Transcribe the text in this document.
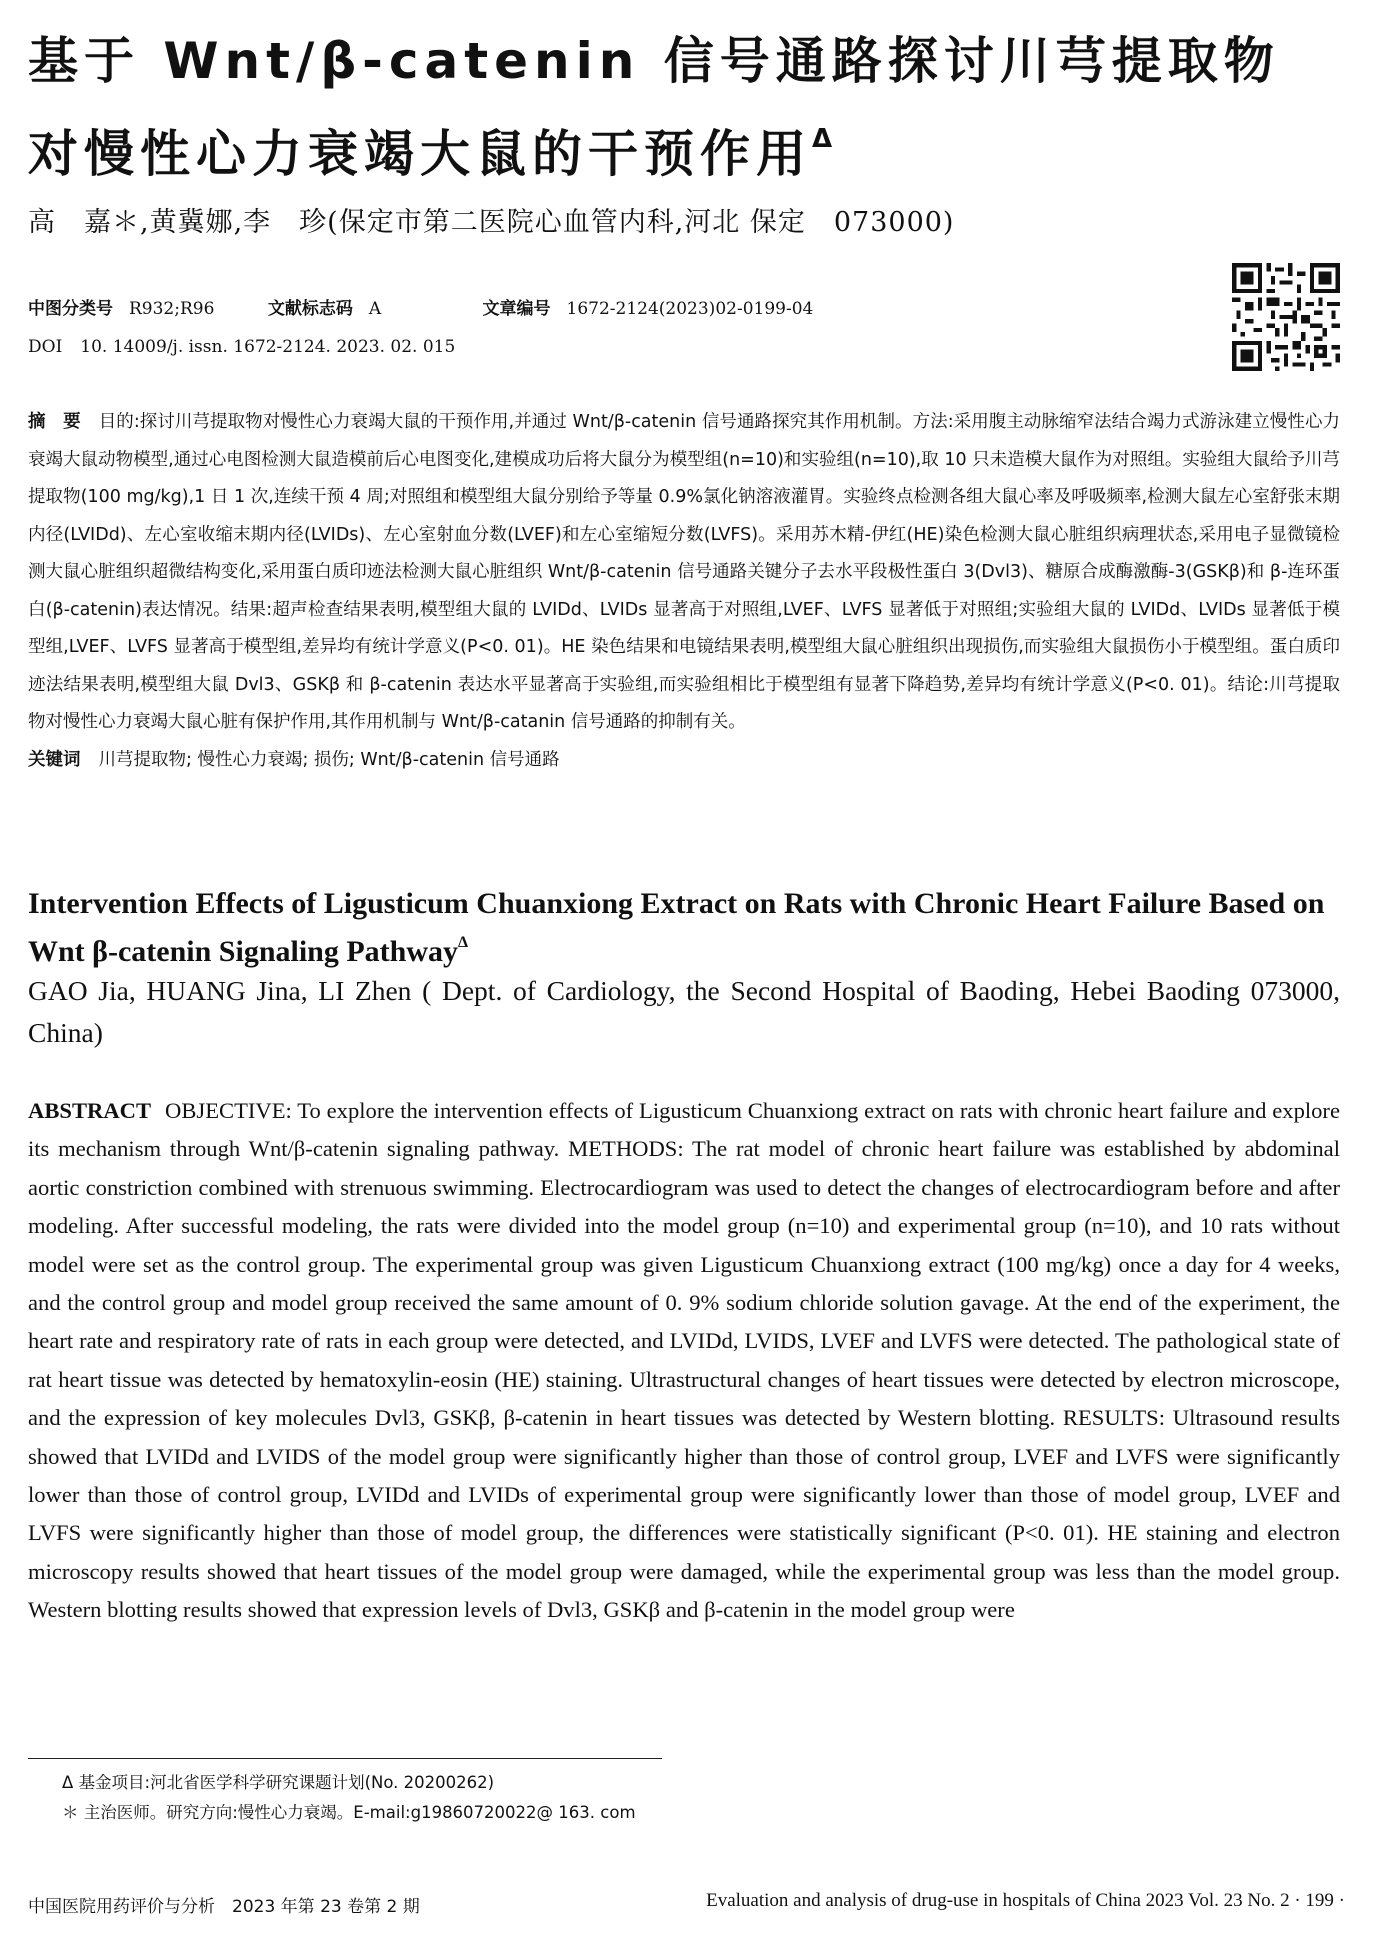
基于 Wnt/β-catenin 信号通路探讨川芎提取物
对慢性心力衰竭大鼠的干预作用$^\Delta$
高　嘉＊,黄冀娜,李　珍(保定市第二医院心血管内科,河北 保定　073000)
中图分类号 R932;R96	文献标志码 A	文章编号 1672-2124(2023)02-0199-04
DOI 10. 14009/j. issn. 1672-2124. 2023. 02. 015
摘　要 目的:探讨川芎提取物对慢性心力衰竭大鼠的干预作用,并通过 Wnt/β-catenin 信号通路探究其作用机制。方法:采用腹主动脉缩窄法结合竭力式游泳建立慢性心力衰竭大鼠动物模型,通过心电图检测大鼠造模前后心电图变化,建模成功后将大鼠分为模型组(n=10)和实验组(n=10),取 10 只未造模大鼠作为对照组。实验组大鼠给予川芎提取物(100 mg/kg),1 日 1 次,连续干预 4 周;对照组和模型组大鼠分别给予等量 0.9%氯化钠溶液灌胃。实验终点检测各组大鼠心率及呼吸频率,检测大鼠左心室舒张末期内径(LVIDd)、左心室收缩末期内径(LVIDs)、左心室射血分数(LVEF)和左心室缩短分数(LVFS)。采用苏木精-伊红(HE)染色检测大鼠心脏组织病理状态,采用电子显微镜检测大鼠心脏组织超微结构变化,采用蛋白质印迹法检测大鼠心脏组织 Wnt/β-catenin 信号通路关键分子去水平段极性蛋白 3(Dvl3)、糖原合成酶激酶-3(GSKβ)和 β-连环蛋白(β-catenin)表达情况。结果:超声检查结果表明,模型组大鼠的 LVIDd、LVIDs 显著高于对照组,LVEF、LVFS 显著低于对照组;实验组大鼠的 LVIDd、LVIDs 显著低于模型组,LVEF、LVFS 显著高于模型组,差异均有统计学意义(P<0. 01)。HE 染色结果和电镜结果表明,模型组大鼠心脏组织出现损伤,而实验组大鼠损伤小于模型组。蛋白质印迹法结果表明,模型组大鼠 Dvl3、GSKβ 和 β-catenin 表达水平显著高于实验组,而实验组相比于模型组有显著下降趋势,差异均有统计学意义(P<0. 01)。结论:川芎提取物对慢性心力衰竭大鼠心脏有保护作用,其作用机制与 Wnt/β-catanin 信号通路的抑制有关。
关键词 川芎提取物; 慢性心力衰竭; 损伤; Wnt/β-catenin 信号通路
Intervention Effects of Ligusticum Chuanxiong Extract on Rats with Chronic Heart Failure Based on Wnt β-catenin Signaling Pathway$^\Delta$
GAO Jia, HUANG Jina, LI Zhen ( Dept. of Cardiology, the Second Hospital of Baoding, Hebei Baoding 073000, China)
ABSTRACT OBJECTIVE: To explore the intervention effects of Ligusticum Chuanxiong extract on rats with chronic heart failure and explore its mechanism through Wnt/β-catenin signaling pathway. METHODS: The rat model of chronic heart failure was established by abdominal aortic constriction combined with strenuous swimming. Electrocardiogram was used to detect the changes of electrocardiogram before and after modeling. After successful modeling, the rats were divided into the model group (n=10) and experimental group (n=10), and 10 rats without model were set as the control group. The experimental group was given Ligusticum Chuanxiong extract (100 mg/kg) once a day for 4 weeks, and the control group and model group received the same amount of 0. 9% sodium chloride solution gavage. At the end of the experiment, the heart rate and respiratory rate of rats in each group were detected, and LVIDd, LVIDS, LVEF and LVFS were detected. The pathological state of rat heart tissue was detected by hematoxylin-eosin (HE) staining. Ultrastructural changes of heart tissues were detected by electron microscope, and the expression of key molecules Dvl3, GSKβ, β-catenin in heart tissues was detected by Western blotting. RESULTS: Ultrasound results showed that LVIDd and LVIDS of the model group were significantly higher than those of control group, LVEF and LVFS were significantly lower than those of control group, LVIDd and LVIDs of experimental group were significantly lower than those of model group, LVEF and LVFS were significantly higher than those of model group, the differences were statistically significant (P<0. 01). HE staining and electron microscopy results showed that heart tissues of the model group were damaged, while the experimental group was less than the model group. Western blotting results showed that expression levels of Dvl3, GSKβ and β-catenin in the model group were
Δ 基金项目:河北省医学科学研究课题计划(No. 20200262)
＊ 主治医师。研究方向:慢性心力衰竭。E-mail:g19860720022@ 163. com
中国医院用药评价与分析　2023 年第 23 卷第 2 期	Evaluation and analysis of drug-use in hospitals of China 2023 Vol. 23 No. 2 · 199 ·
